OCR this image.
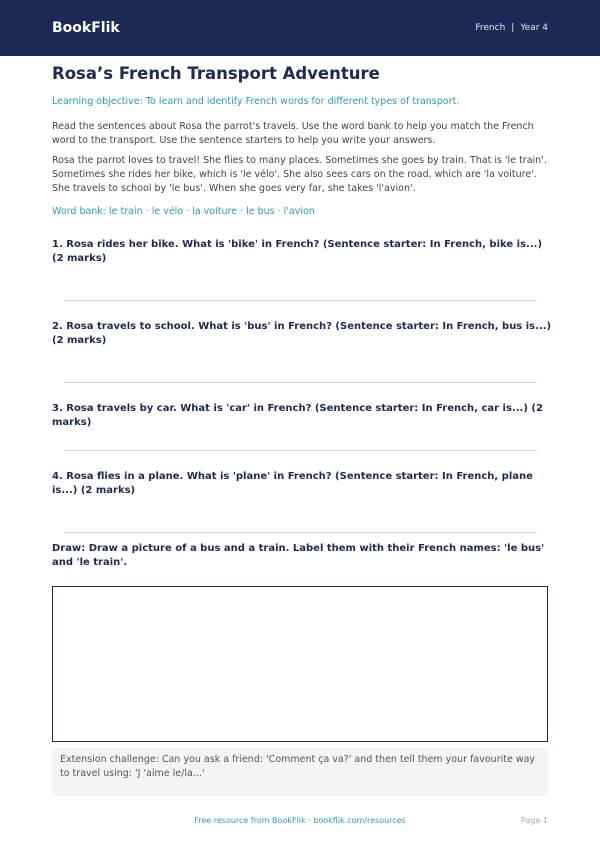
BookFlik	French | Year 4
Rosa’s French Transport Adventure
Learning objective: To learn and identify French words for different types of transport.
Read the sentences about Rosa the parrot's travels. Use the word bank to help you match the French word to the transport. Use the sentence starters to help you write your answers.
Rosa the parrot loves to travel! She flies to many places. Sometimes she goes by train. That is 'le train'. Sometimes she rides her bike, which is 'le vélo'. She also sees cars on the road, which are 'la voiture'. She travels to school by 'le bus'. When she goes very far, she takes 'l'avion'.
Word bank: le train · le vélo · la voiture · le bus · l'avion
1. Rosa rides her bike. What is 'bike' in French? (Sentence starter: In French, bike is...) (2 marks)
2. Rosa travels to school. What is 'bus' in French? (Sentence starter: In French, bus is...) (2 marks)
3. Rosa travels by car. What is 'car' in French? (Sentence starter: In French, car is...) (2 marks)
4. Rosa flies in a plane. What is 'plane' in French? (Sentence starter: In French, plane is...) (2 marks)
Draw: Draw a picture of a bus and a train. Label them with their French names: 'le bus' and 'le train'.
Extension challenge: Can you ask a friend: 'Comment ça va?' and then tell them your favourite way to travel using: 'J 'aime le/la...'
Free resource from BookFlik · bookflik.com/resources	Page 1
